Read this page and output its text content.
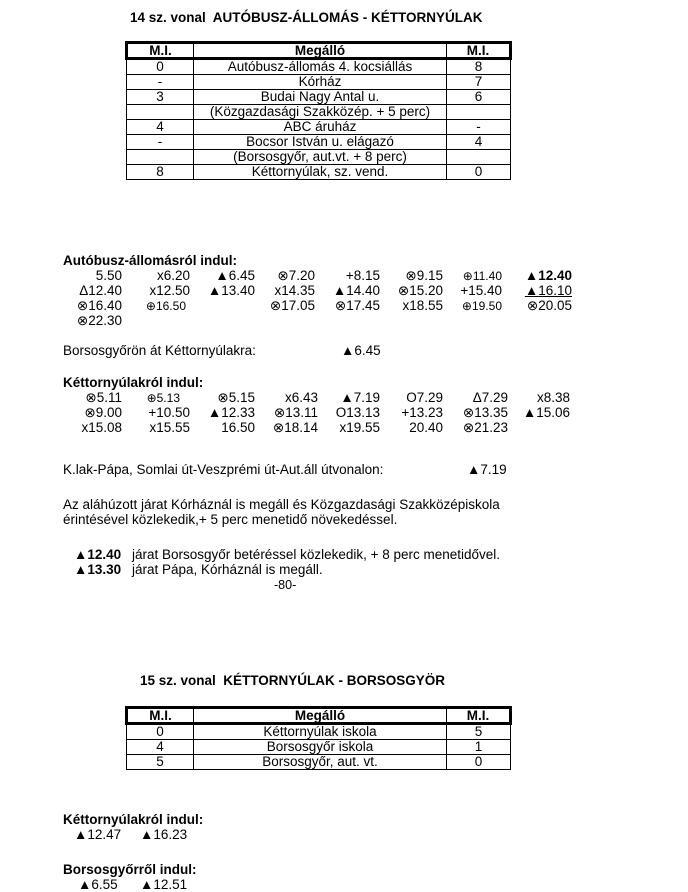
14 sz. vonal  AUTÓBUSZ-ÁLLOMÁS - KÉTTORNYÚLAK
M.I.	Megálló	M.I.
0	Autóbusz-állomás 4. kocsiállás	8
-	Kórház	7
3	Budai Nagy Antal u.	6
	(Közgazdasági Szakközép. + 5 perc)	
4	ABC áruház	-
-	Bocsor István u. elágazó	4
	(Borsosgyőr, aut.vt. + 8 perc)	
8	Kéttornyúlak, sz. vend.	0
Autóbusz-állomásról indul:
5.50	x6.20 ▲6.45 ⊗7.20 +8.15 ⊗9.15 ⊕11.40 ▲12.40
Δ12.40 x12.50 ▲13.40 x14.35 ▲14.40 ⊗15.20 +15.40 ▲16.10
⊗16.40 ⊕16.50	⊗17.05 ⊗17.45 x18.55 ⊕19.50 ⊗20.05
⊗22.30
Borsosgyőrön át Kéttornyúlakra:	▲6.45
Kéttornyúlakról indul:
⊗5.11 ⊕5.13	⊗5.15 x6.43 ▲7.19 O7.29 Δ7.29 x8.38
⊗9.00 +10.50 ▲12.33 ⊗13.11 O13.13 +13.23 ⊗13.35 ▲15.06
x15.08 x15.55 16.50 ⊗18.14 x19.55 20.40 ⊗21.23
K.lak-Pápa, Somlai út-Veszprémi út-Aut.áll útvonalon:	▲7.19
Az aláhúzott járat Kórháznál is megáll és Közgazdasági Szakközépiskola
érintésével közlekedik,+ 5 perc menetidő növekedéssel.
▲12.40 járat Borsosgyőr betéréssel közlekedik, + 8 perc menetidővel.
▲13.30 járat Pápa, Kórháznál is megáll.
-80-
15 sz. vonal  KÉTTORNYÚLAK - BORSOSGYÖR
M.I.	Megálló	M.I.
0	Kéttornyúlak iskola	5
4	Borsosgyőr iskola	1
5	Borsosgyőr, aut. vt.	0
Kéttornyúlakról indul:
▲12.47 ▲16.23
Borsosgyőrről indul:
▲6.55 ▲12.51
